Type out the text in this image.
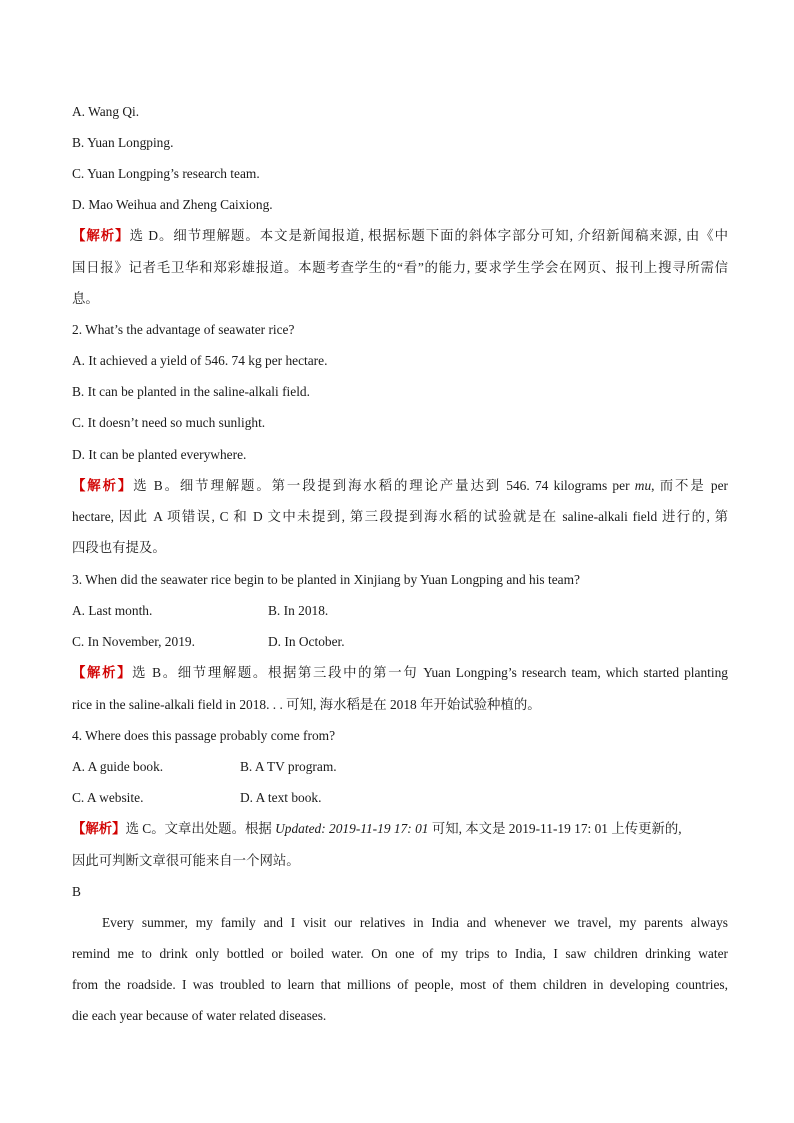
A. Wang Qi.
B. Yuan Longping.
C. Yuan Longping’s research team.
D. Mao Weihua and Zheng Caixiong.
【解析】选 D。细节理解题。本文是新闻报道, 根据标题下面的斜体字部分可知, 介绍新闻稿来源, 由《中
国日报》记者毛卫华和郑彩雄报道。本题考查学生的“看”的能力, 要求学生学会在网页、报刊上搜寻所需信
息。
2. What’s the advantage of seawater rice?
A. It achieved a yield of 546. 74 kg per hectare.
B. It can be planted in the saline-alkali field.
C. It doesn’t need so much sunlight.
D. It can be planted everywhere.
【解析】选 B。细节理解题。第一段提到海水稻的理论产量达到 546. 74 kilograms per mu, 而不是 per
hectare, 因此 A 项错误, C 和 D 文中未提到, 第三段提到海水稻的试验就是在 saline-alkali field 进行的, 第
四段也有提及。
3. When did the seawater rice begin to be planted in Xinjiang by Yuan Longping and his team?
A. Last month.	B. In 2018.
C. In November, 2019.	D. In October.
【解析】选 B。细节理解题。根据第三段中的第一句 Yuan Longping’s research team, which started planting
rice in the saline-alkali field in 2018. . . 可知, 海水稻是在 2018 年开始试验种植的。
4. Where does this passage probably come from?
A. A guide book.	B. A TV program.
C. A website.	D. A text book.
【解析】选 C。文章出处题。根据 Updated: 2019-11-19 17: 01 可知, 本文是 2019-11-19 17: 01 上传更新的,
因此可判断文章很可能来自一个网站。
B
Every summer, my family and I visit our relatives in India and whenever we travel, my parents always
remind me to drink only bottled or boiled water. On one of my trips to India, I saw children drinking water
from the roadside. I was troubled to learn that millions of people, most of them children in developing countries,
die each year because of water related diseases.
